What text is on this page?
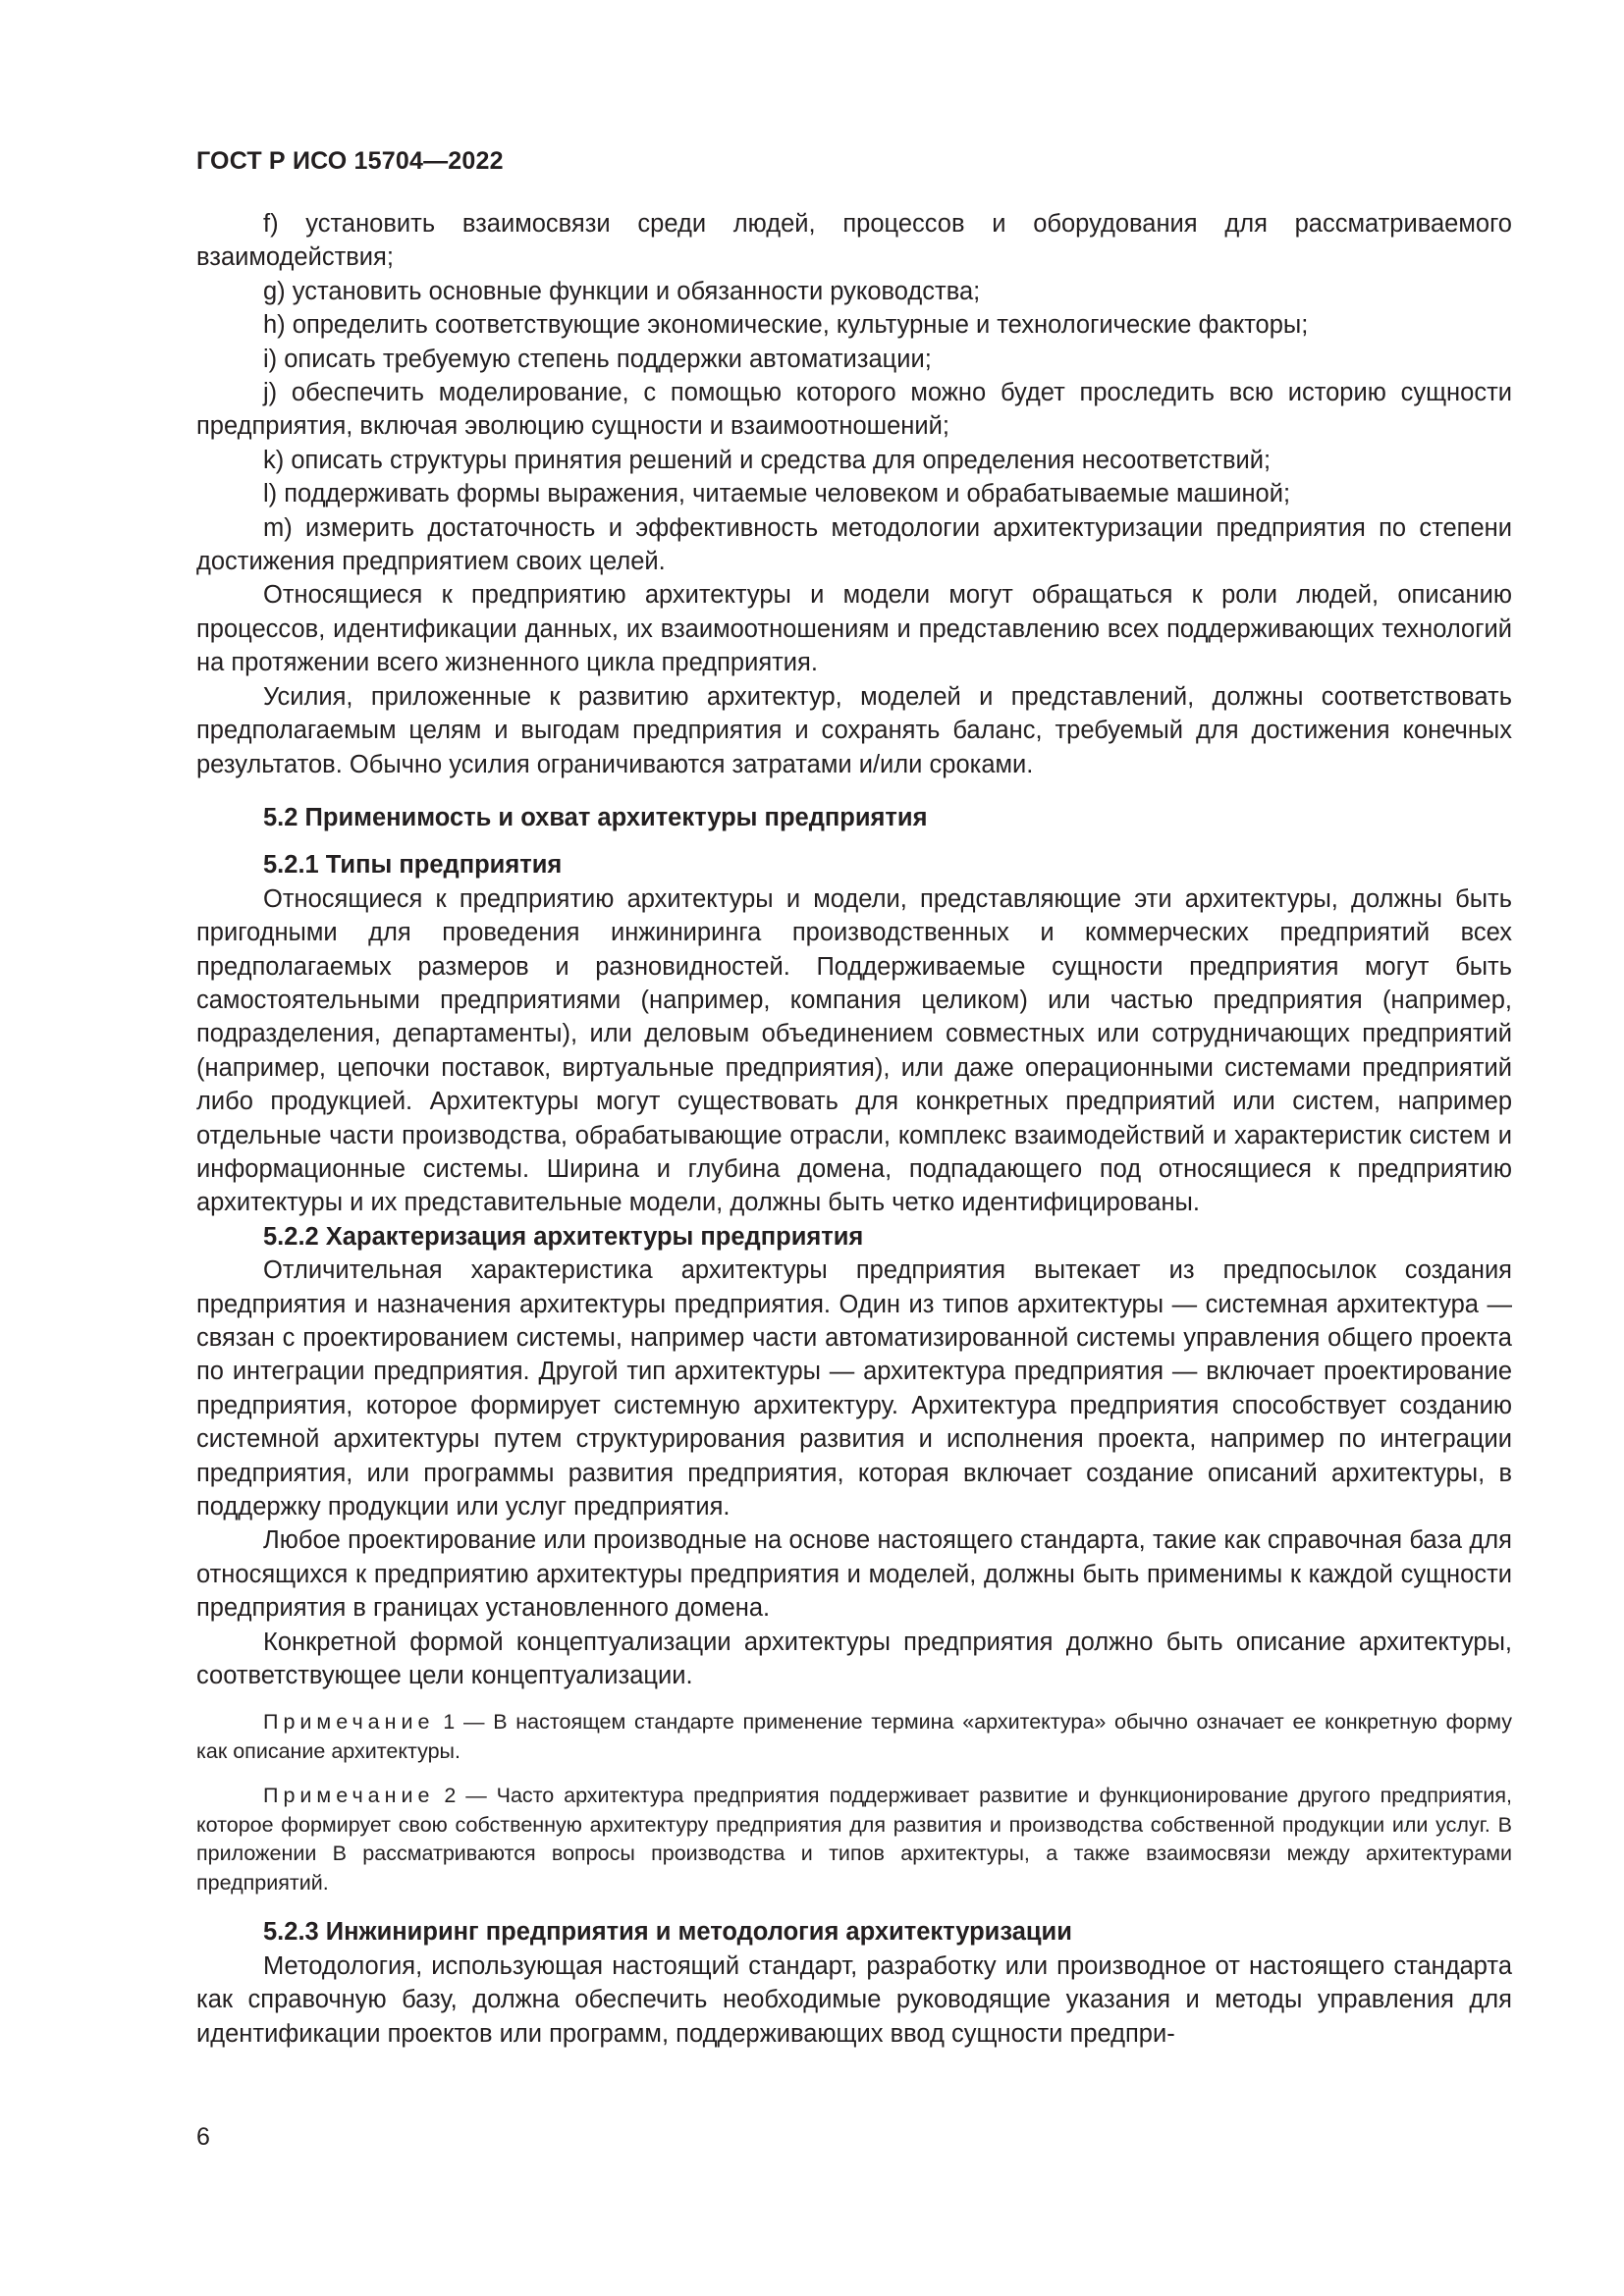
ГОСТ Р ИСО 15704—2022

f) установить взаимосвязи среди людей, процессов и оборудования для рассматриваемого взаимодействия;

g) установить основные функции и обязанности руководства;

h) определить соответствующие экономические, культурные и технологические факторы;

i) описать требуемую степень поддержки автоматизации;

j) обеспечить моделирование, с помощью которого можно будет проследить всю историю сущности предприятия, включая эволюцию сущности и взаимоотношений;

k) описать структуры принятия решений и средства для определения несоответствий;

l) поддерживать формы выражения, читаемые человеком и обрабатываемые машиной;

m) измерить достаточность и эффективность методологии архитектуризации предприятия по степени достижения предприятием своих целей.

Относящиеся к предприятию архитектуры и модели могут обращаться к роли людей, описанию процессов, идентификации данных, их взаимоотношениям и представлению всех поддерживающих технологий на протяжении всего жизненного цикла предприятия.

Усилия, приложенные к развитию архитектур, моделей и представлений, должны соответствовать предполагаемым целям и выгодам предприятия и сохранять баланс, требуемый для достижения конечных результатов. Обычно усилия ограничиваются затратами и/или сроками.

5.2 Применимость и охват архитектуры предприятия
5.2.1 Типы предприятия

Относящиеся к предприятию архитектуры и модели, представляющие эти архитектуры, должны быть пригодными для проведения инжиниринга производственных и коммерческих предприятий всех предполагаемых размеров и разновидностей. Поддерживаемые сущности предприятия могут быть самостоятельными предприятиями (например, компания целиком) или частью предприятия (например, подразделения, департаменты), или деловым объединением совместных или сотрудничающих предприятий (например, цепочки поставок, виртуальные предприятия), или даже операционными системами предприятий либо продукцией. Архитектуры могут существовать для конкретных предприятий или систем, например отдельные части производства, обрабатывающие отрасли, комплекс взаимодействий и характеристик систем и информационные системы. Ширина и глубина домена, подпадающего под относящиеся к предприятию архитектуры и их представительные модели, должны быть четко идентифицированы.

5.2.2 Характеризация архитектуры предприятия

Отличительная характеристика архитектуры предприятия вытекает из предпосылок создания предприятия и назначения архитектуры предприятия. Один из типов архитектуры — системная архитектура — связан с проектированием системы, например части автоматизированной системы управления общего проекта по интеграции предприятия. Другой тип архитектуры — архитектура предприятия — включает проектирование предприятия, которое формирует системную архитектуру. Архитектура предприятия способствует созданию системной архитектуры путем структурирования развития и исполнения проекта, например по интеграции предприятия, или программы развития предприятия, которая включает создание описаний архитектуры, в поддержку продукции или услуг предприятия.

Любое проектирование или производные на основе настоящего стандарта, такие как справочная база для относящихся к предприятию архитектуры предприятия и моделей, должны быть применимы к каждой сущности предприятия в границах установленного домена.

Конкретной формой концептуализации архитектуры предприятия должно быть описание архитектуры, соответствующее цели концептуализации.

Примечание 1 — В настоящем стандарте применение термина «архитектура» обычно означает ее конкретную форму как описание архитектуры.
Примечание 2 — Часто архитектура предприятия поддерживает развитие и функционирование другого предприятия, которое формирует свою собственную архитектуру предприятия для развития и производства собственной продукции или услуг. В приложении В рассматриваются вопросы производства и типов архитектуры, а также взаимосвязи между архитектурами предприятий.
5.2.3 Инжиниринг предприятия и методология архитектуризации

Методология, использующая настоящий стандарт, разработку или производное от настоящего стандарта как справочную базу, должна обеспечить необходимые руководящие указания и методы управления для идентификации проектов или программ, поддерживающих ввод сущности предпри-

6
